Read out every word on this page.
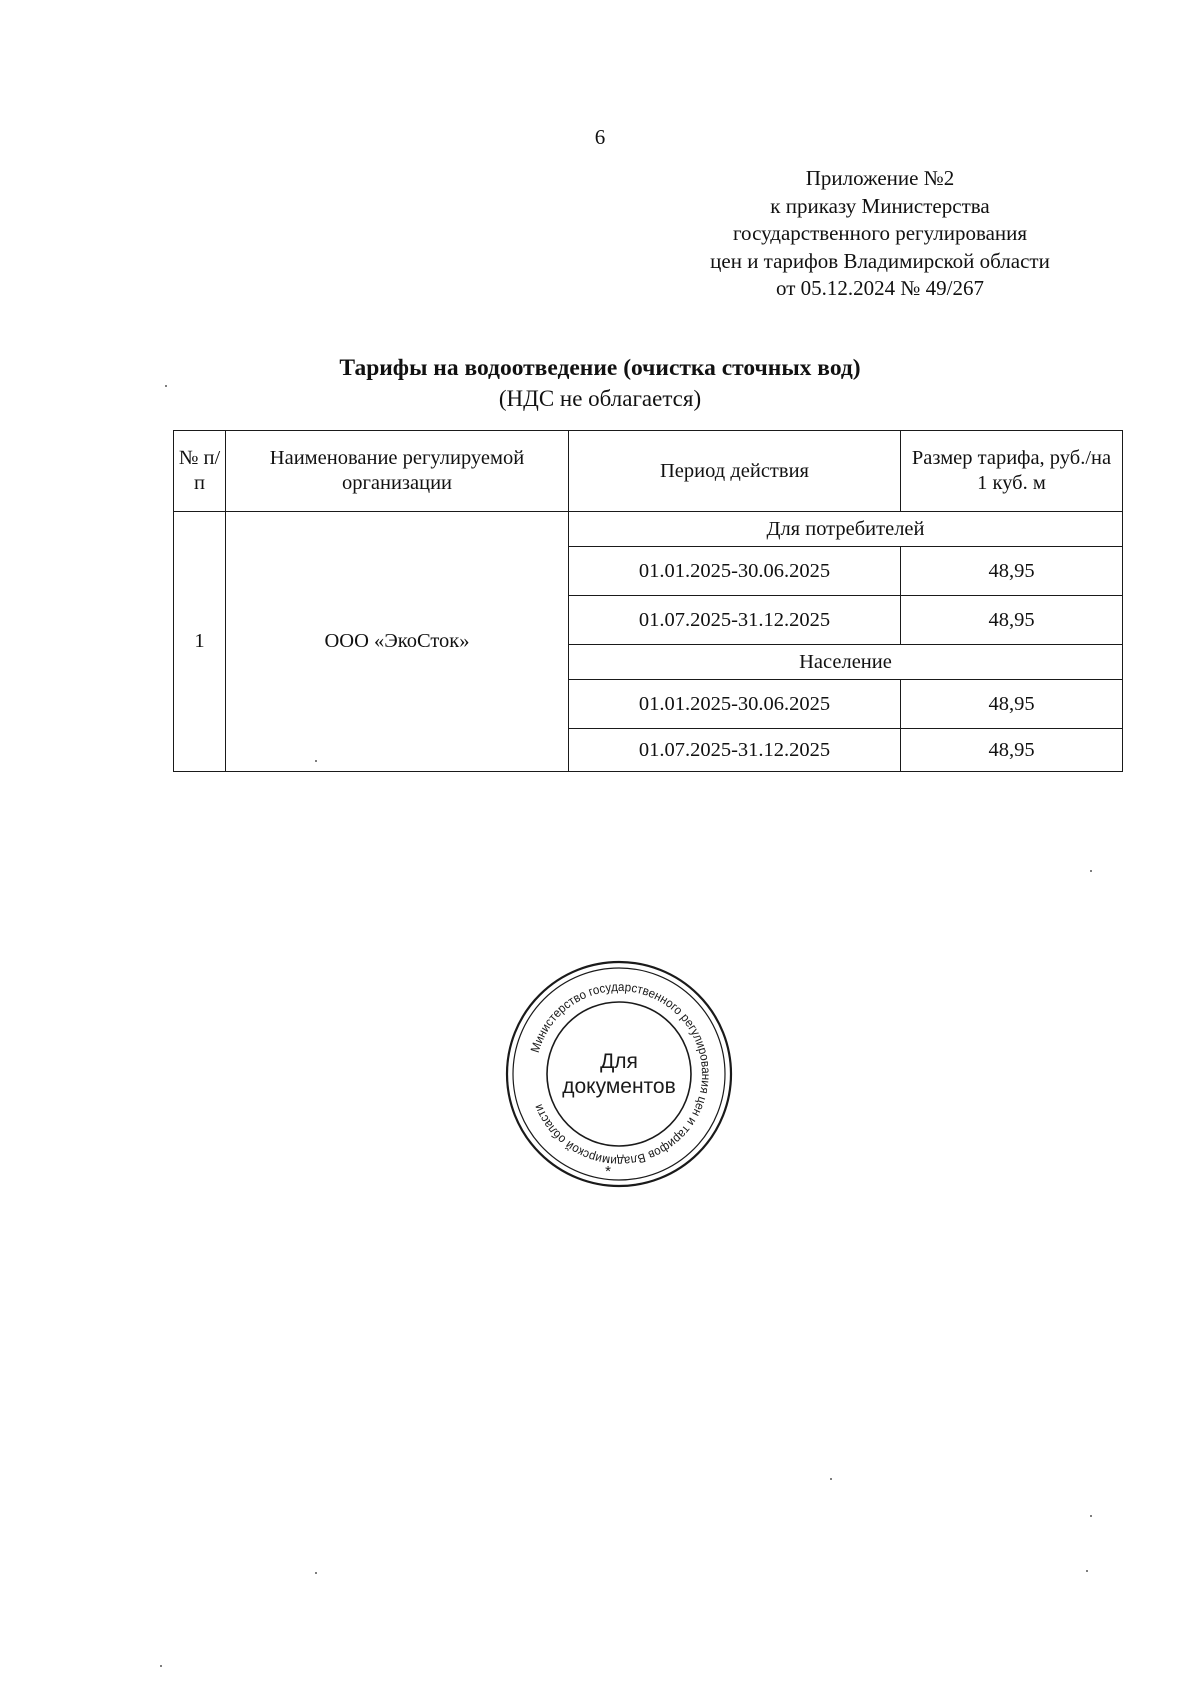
6
Приложение №2
к приказу Министерства
государственного регулирования
цен и тарифов Владимирской области
от 05.12.2024 № 49/267
Тарифы на водоотведение (очистка сточных вод)
(НДС не облагается)
№ п/ п	Наименование регулируемой организации	Период действия	Размер тарифа, руб./на 1 куб. м
1	ООО «ЭкоСток»	Для потребителей	
		01.01.2025-30.06.2025	48,95
		01.07.2025-31.12.2025	48,95
		Население	
		01.01.2025-30.06.2025	48,95
		01.07.2025-31.12.2025	48,95
Министерство государственного регулирования цен и тарифов Владимирской области
*
Для
документов
